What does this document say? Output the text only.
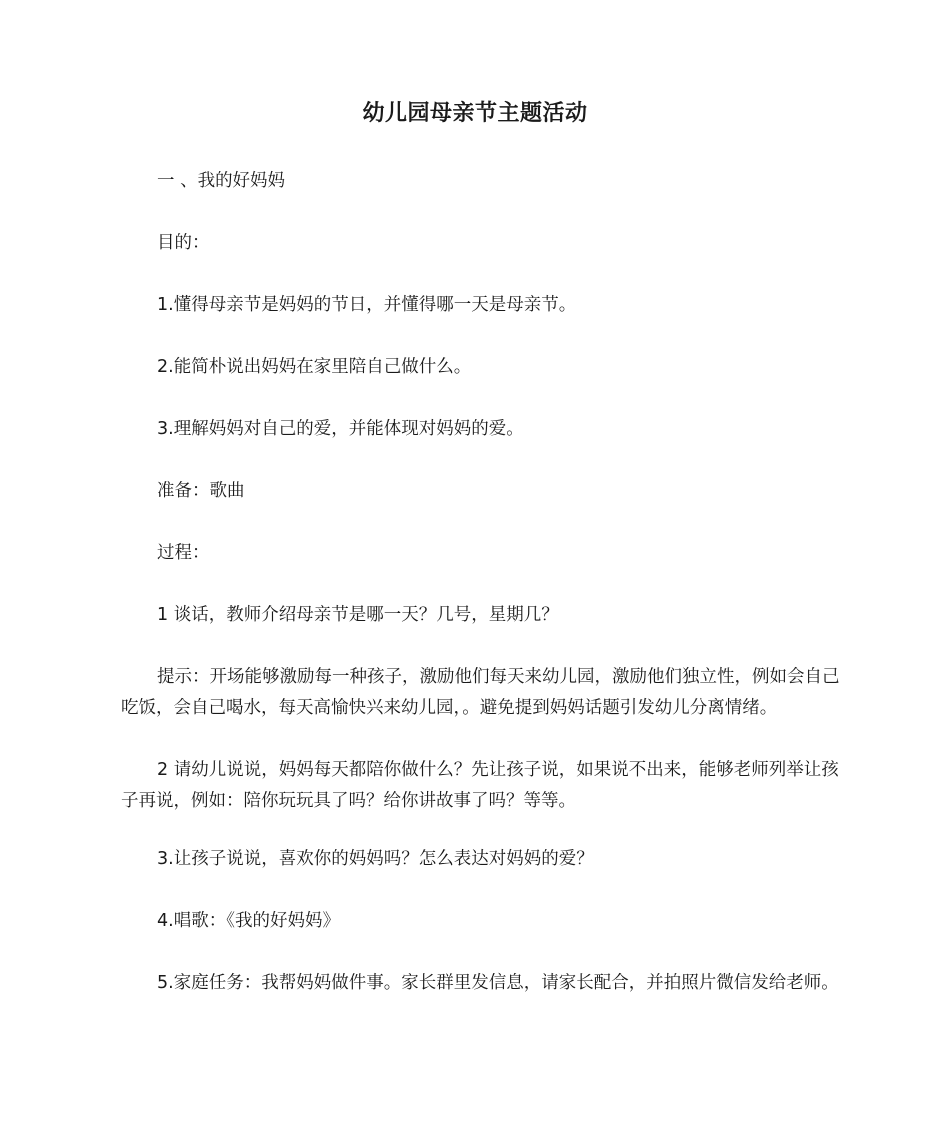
幼儿园母亲节主题活动

一 、我的好妈妈

目的：

1.懂得母亲节是妈妈的节日，并懂得哪一天是母亲节。

2.能简朴说出妈妈在家里陪自己做什么。

3.理解妈妈对自己的爱，并能体现对妈妈的爱。

准备：歌曲

过程：

1 谈话，教师介绍母亲节是哪一天？几号，星期几？

提示：开场能够激励每一种孩子，激励他们每天来幼儿园，激励他们独立性，例如会自己吃饭，会自己喝水，每天高愉快兴来幼儿园，。避免提到妈妈话题引发幼儿分离情绪。

2 请幼儿说说，妈妈每天都陪你做什么？先让孩子说，如果说不出来，能够老师列举让孩子再说，例如：陪你玩玩具了吗？给你讲故事了吗？等等。

3.让孩子说说，喜欢你的妈妈吗？怎么表达对妈妈的爱？

4.唱歌：《我的好妈妈》

5.家庭任务：我帮妈妈做件事。家长群里发信息，请家长配合，并拍照片微信发给老师。
